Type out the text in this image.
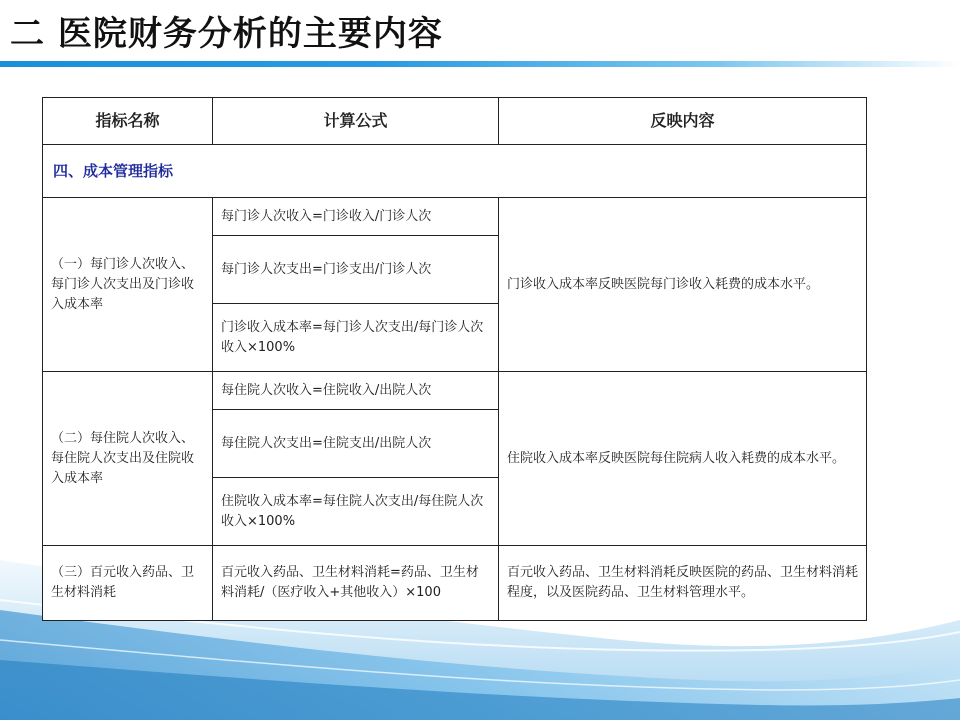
二 医院财务分析的主要内容
指标名称	计算公式	反映内容
四、成本管理指标		
（一）每门诊人次收入、每门诊人次支出及门诊收入成本率	每门诊人次收入=门诊收入/门诊人次	门诊收入成本率反映医院每门诊收入耗费的成本水平。
	每门诊人次支出=门诊支出/门诊人次	
	门诊收入成本率=每门诊人次支出/每门诊人次收入×100%	
（二）每住院人次收入、每住院人次支出及住院收入成本率	每住院人次收入=住院收入/出院人次	住院收入成本率反映医院每住院病人收入耗费的成本水平。
	每住院人次支出=住院支出/出院人次	
	住院收入成本率=每住院人次支出/每住院人次收入×100%	
（三）百元收入药品、卫生材料消耗	百元收入药品、卫生材料消耗=药品、卫生材料消耗/（医疗收入+其他收入）×100	百元收入药品、卫生材料消耗反映医院的药品、卫生材料消耗程度，以及医院药品、卫生材料管理水平。
